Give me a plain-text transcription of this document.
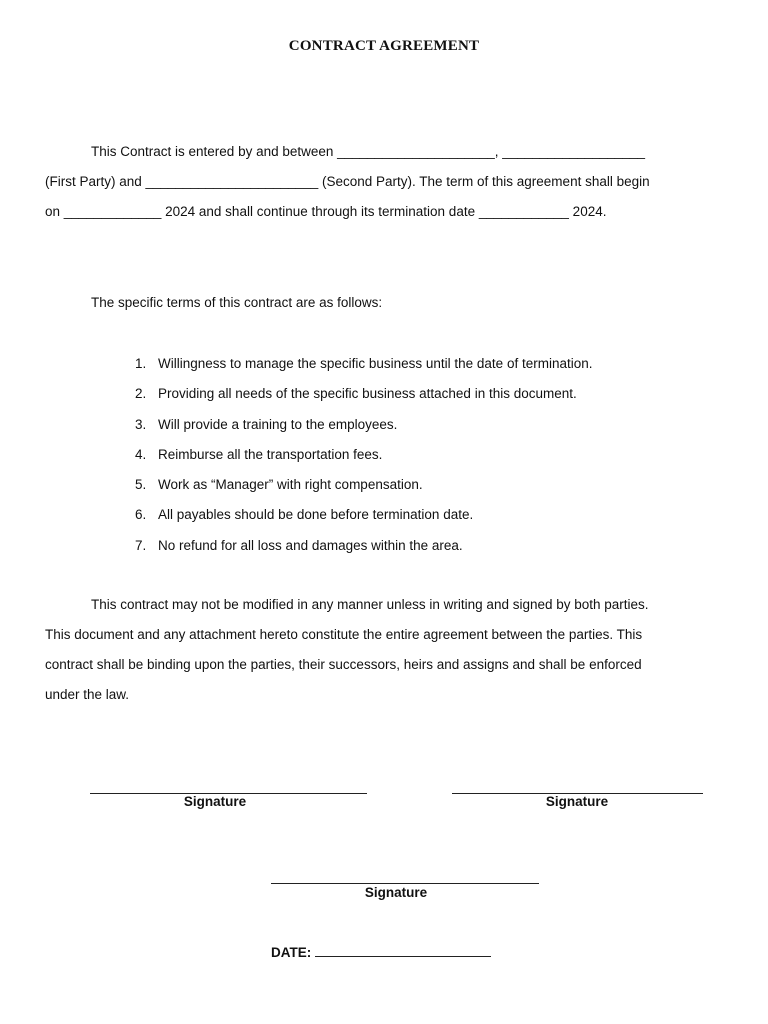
CONTRACT AGREEMENT

This Contract is entered by and between _____________________, ___________________

(First Party) and _______________________ (Second Party). The term of this agreement shall begin

on _____________ 2024 and shall continue through its termination date ____________ 2024.

The specific terms of this contract are as follows:
1. Willingness to manage the specific business until the date of termination.
2. Providing all needs of the specific business attached in this document.
3. Will provide a training to the employees.
4. Reimburse all the transportation fees.
5. Work as “Manager” with right compensation.
6. All payables should be done before termination date.
7. No refund for all loss and damages within the area.

This contract may not be modified in any manner unless in writing and signed by both parties.

This document and any attachment hereto constitute the entire agreement between the parties. This

contract shall be binding upon the parties, their successors, heirs and assigns and shall be enforced

under the law.

Signature	Signature
Signature
DATE:
